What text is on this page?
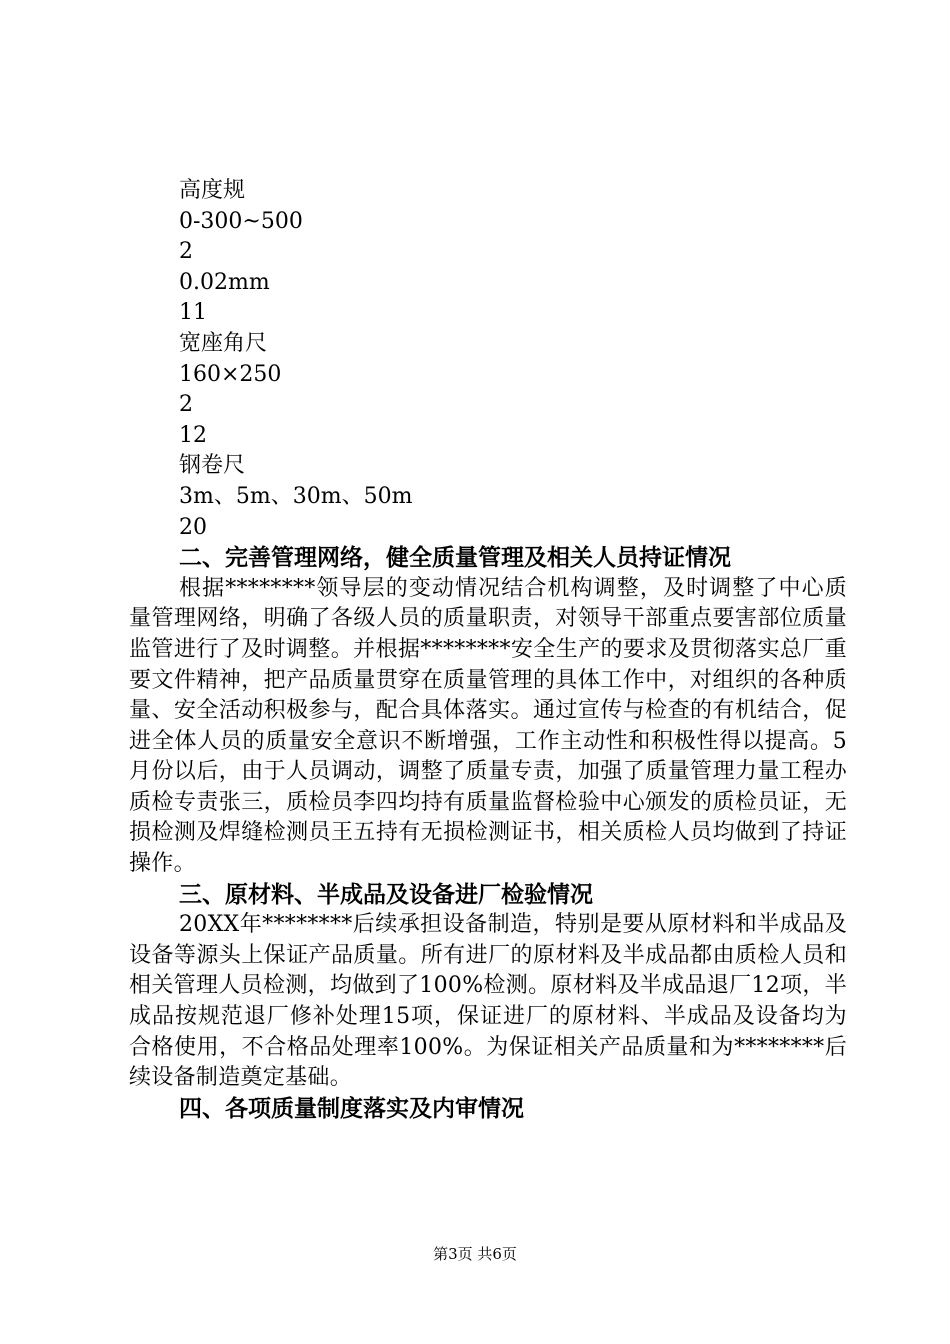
高度规
0-300~500
2
0.02mm
11
宽座角尺
160×250
2
12
钢卷尺
3m、5m、30m、50m
20
二、完善管理网络，健全质量管理及相关人员持证情况
根据********领导层的变动情况结合机构调整，及时调整了中心质量管理网络，明确了各级人员的质量职责，对领导干部重点要害部位质量监管进行了及时调整。并根据********安全生产的要求及贯彻落实总厂重要文件精神，把产品质量贯穿在质量管理的具体工作中，对组织的各种质量、安全活动积极参与，配合具体落实。通过宣传与检查的有机结合，促进全体人员的质量安全意识不断增强，工作主动性和积极性得以提高。5月份以后，由于人员调动，调整了质量专责，加强了质量管理力量工程办质检专责张三，质检员李四均持有质量监督检验中心颁发的质检员证，无损检测及焊缝检测员王五持有无损检测证书，相关质检人员均做到了持证操作。
三、原材料、半成品及设备进厂检验情况
20XX年********后续承担设备制造，特别是要从原材料和半成品及设备等源头上保证产品质量。所有进厂的原材料及半成品都由质检人员和相关管理人员检测，均做到了100%检测。原材料及半成品退厂12项，半成品按规范退厂修补处理15项，保证进厂的原材料、半成品及设备均为合格使用，不合格品处理率100%。为保证相关产品质量和为********后续设备制造奠定基础。
四、各项质量制度落实及内审情况
第3页 共6页
